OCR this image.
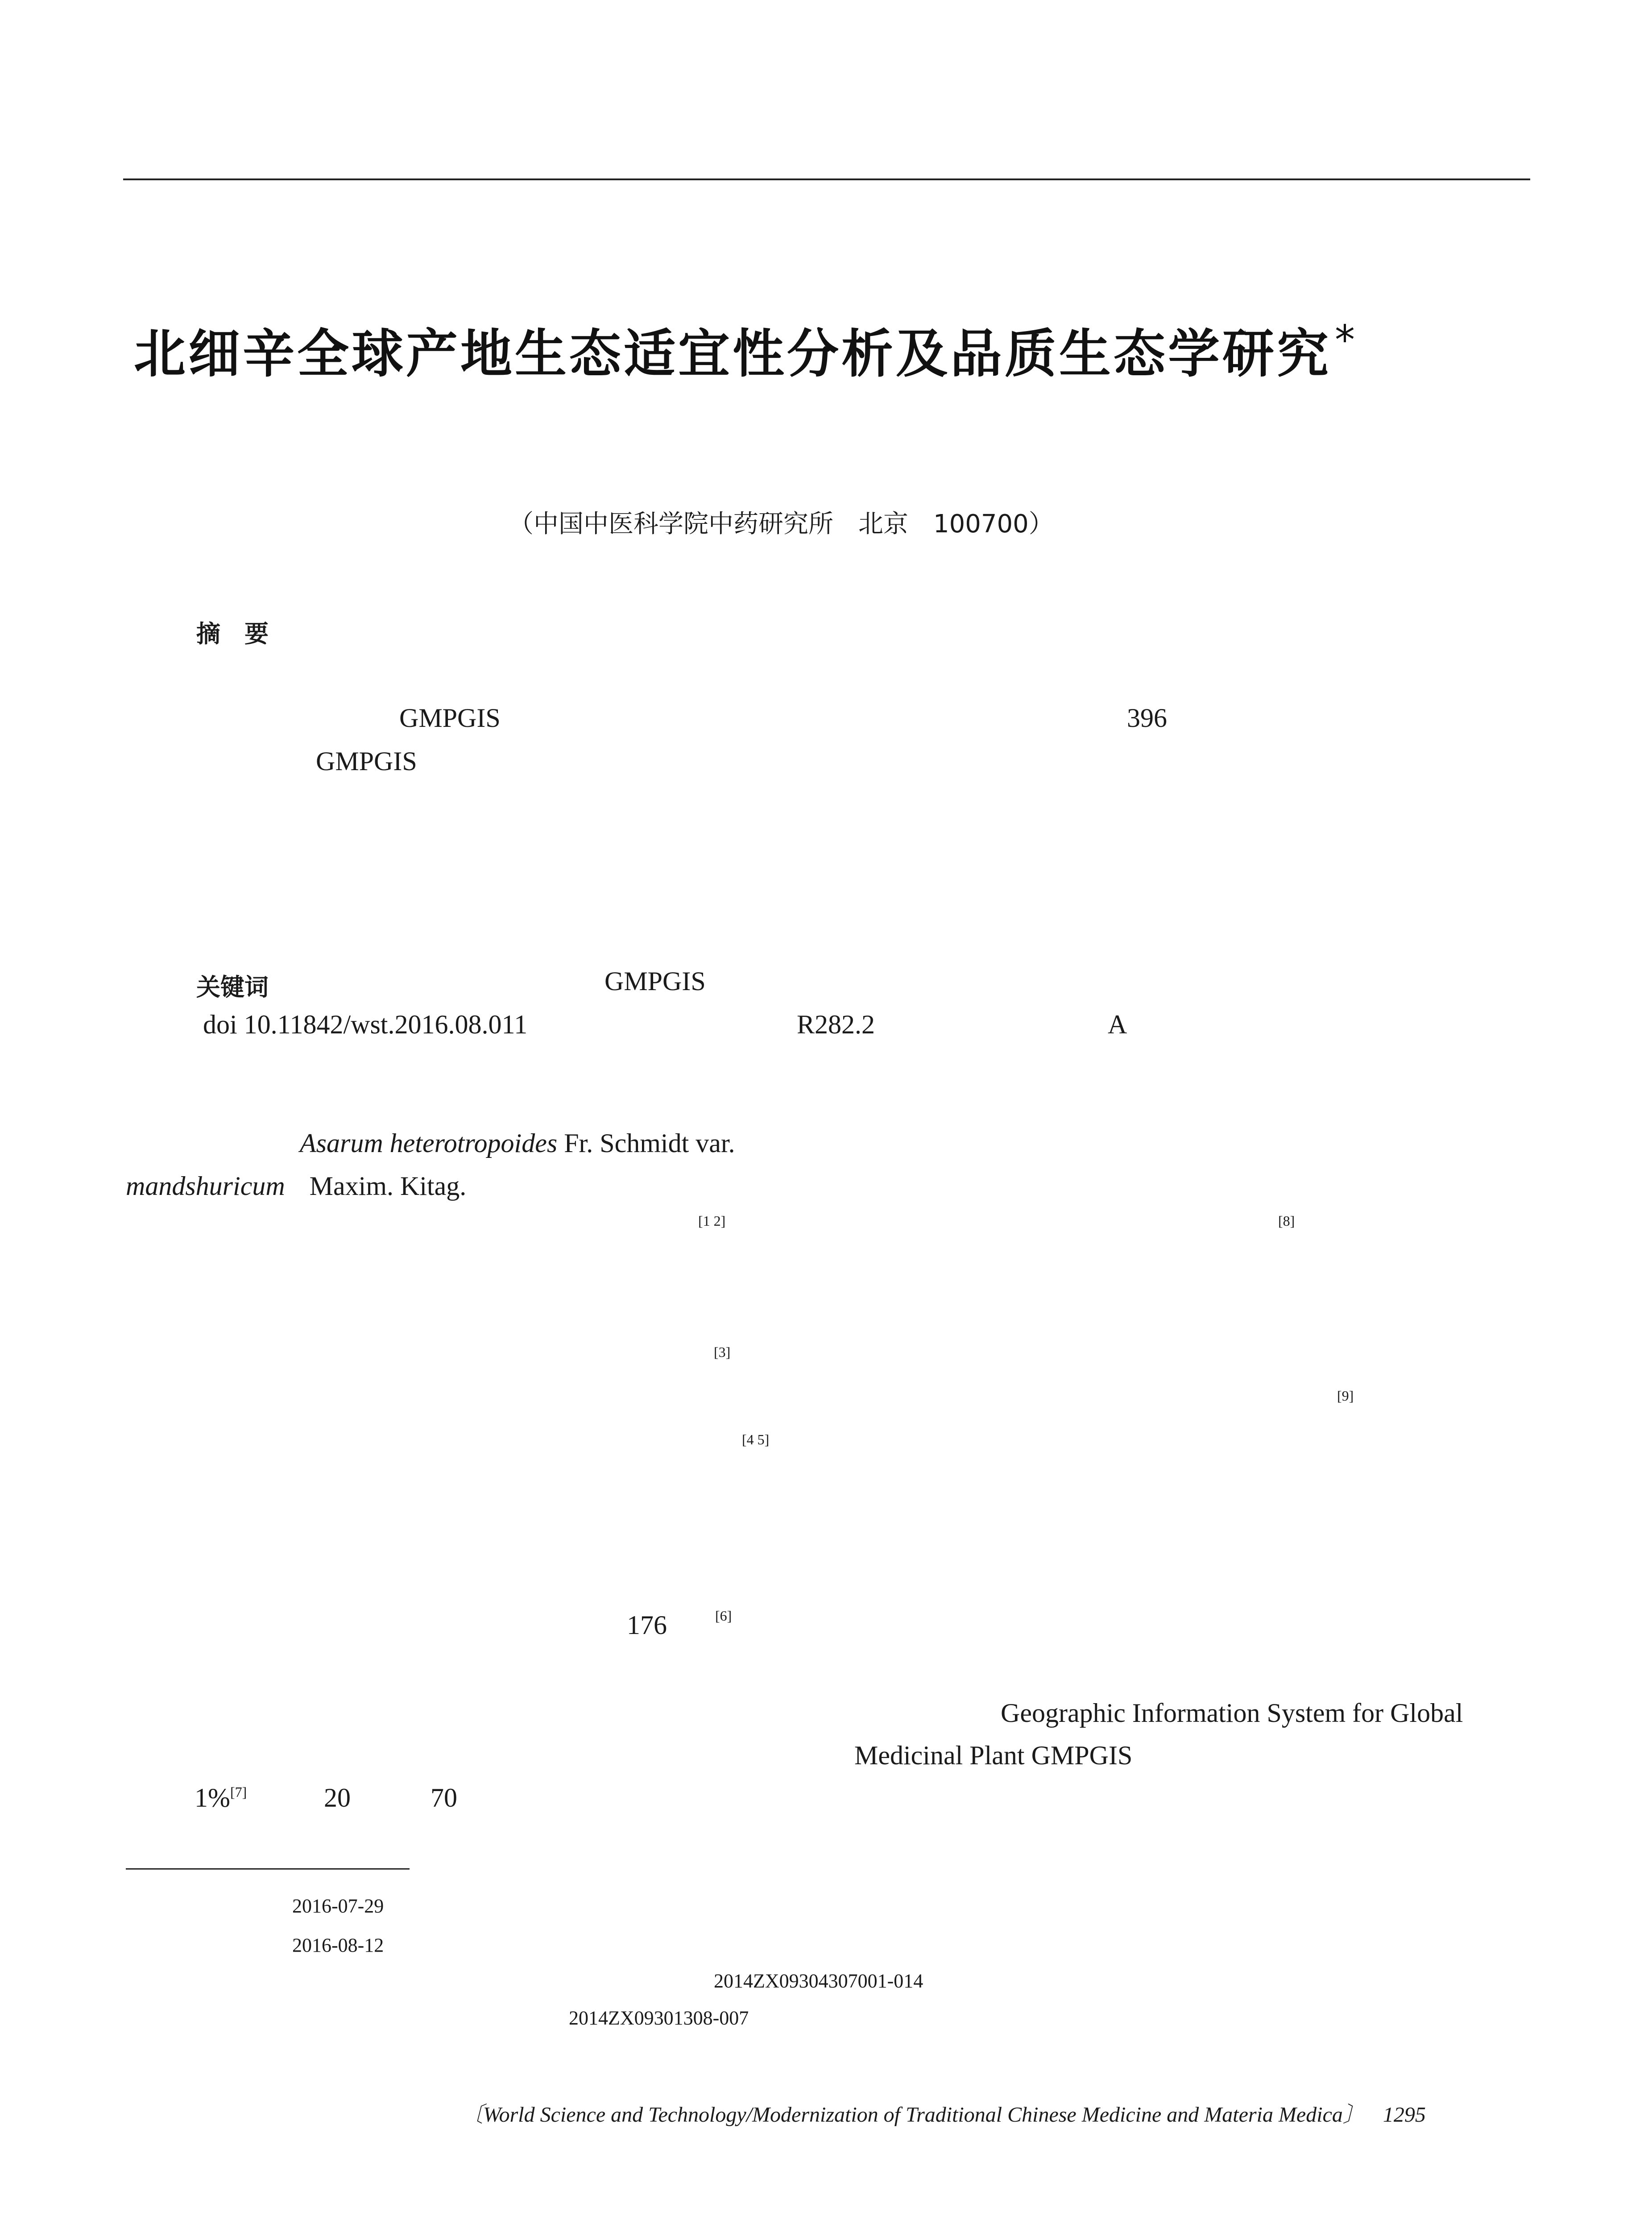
北细辛全球产地生态适宜性分析及品质生态学研究*
（中国中医科学院中药研究所　北京　100700）
摘　要
GMPGIS	396
GMPGIS
关键词	GMPGIS
doi 10.11842/wst.2016.08.011	R282.2	A
Asarum heterotropoides Fr. Schmidt var.
mandshuricum Maxim. Kitag.
[1 2]	[8]
[3]
[9]
[4 5]
176	[6]
Geographic Information System for Global
Medicinal Plant GMPGIS
1%[7]	20	70
2016-07-29
2016-08-12
2014ZX09304307001-014
2014ZX09301308-007
〔World Science and Technology/Modernization of Traditional Chinese Medicine and Materia Medica〕 1295
